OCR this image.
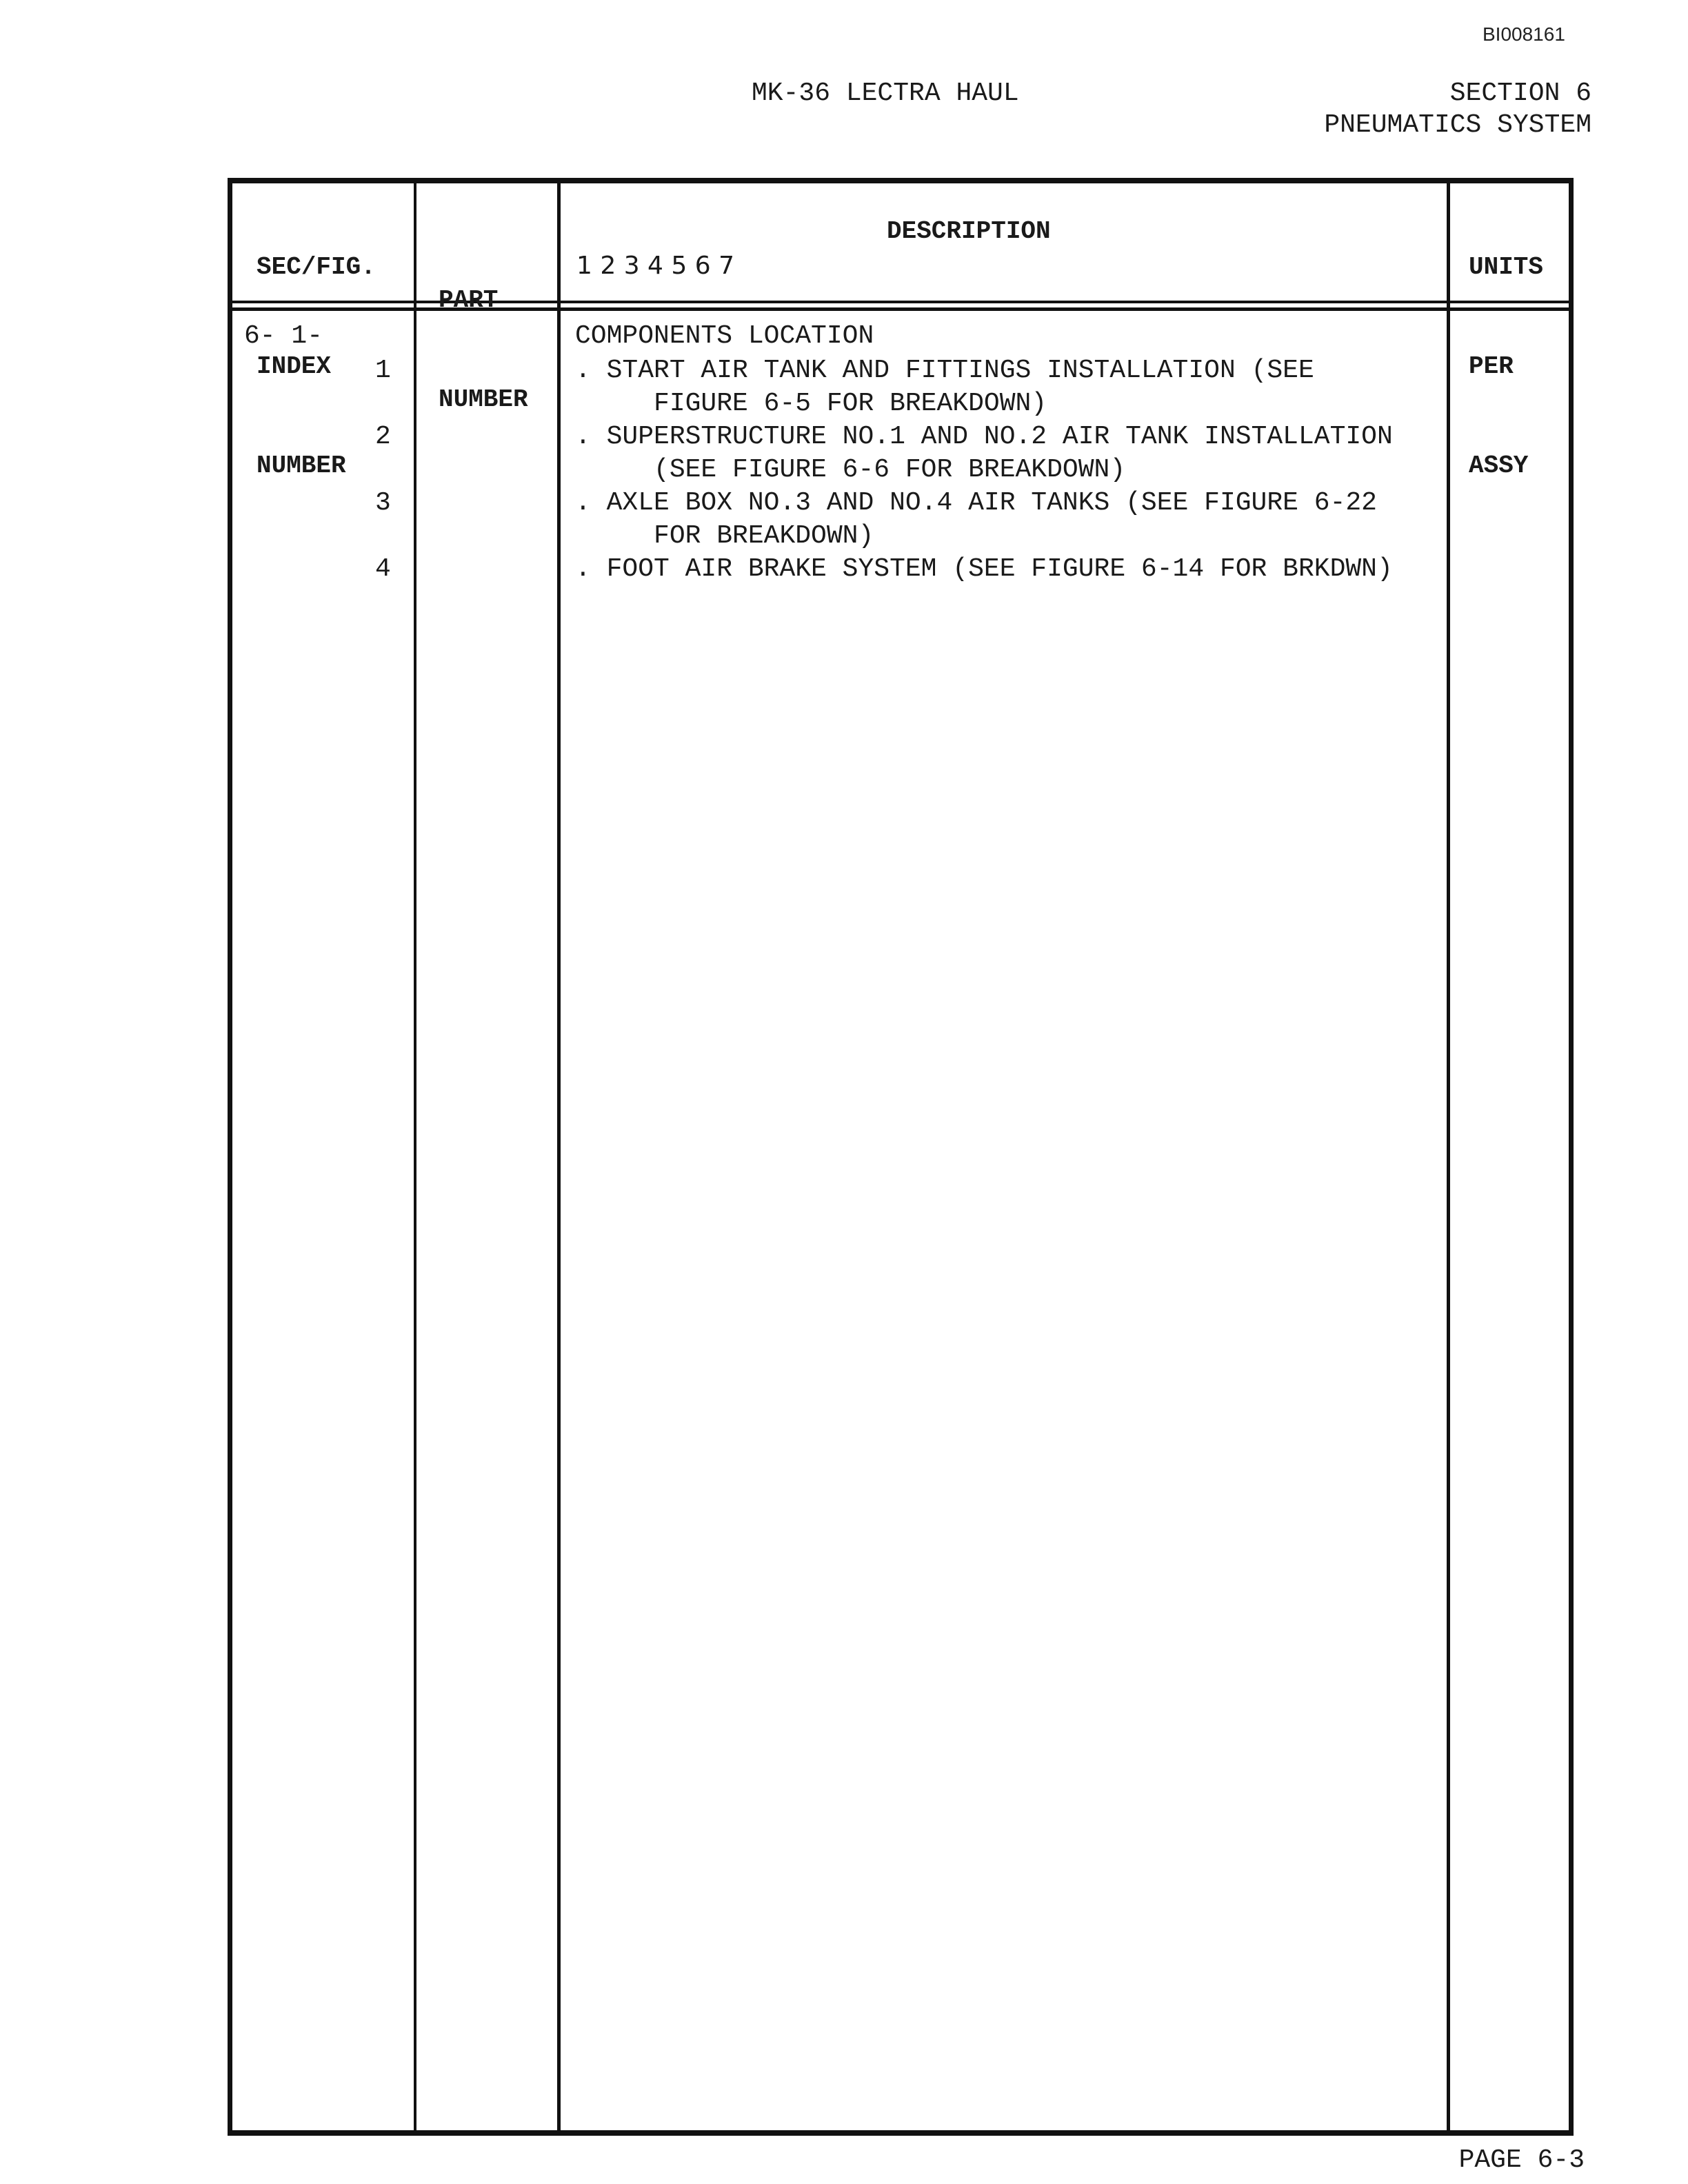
BI008161
MK-36 LECTRA HAUL	SECTION 6
PNEUMATICS SYSTEM

SEC/FIG.

INDEX

NUMBER

PART

NUMBER

DESCRIPTION
1 2 3 4 5 6 7

	UNITS

PER

ASSY

6- 1-
1
2
3
4
COMPONENTS LOCATION
. START AIR TANK AND FITTINGS INSTALLATION (SEE
FIGURE 6-5 FOR BREAKDOWN)
. SUPERSTRUCTURE NO.1 AND NO.2 AIR TANK INSTALLATION
(SEE FIGURE 6-6 FOR BREAKDOWN)
. AXLE BOX NO.3 AND NO.4 AIR TANKS (SEE FIGURE 6-22
FOR BREAKDOWN)
. FOOT AIR BRAKE SYSTEM (SEE FIGURE 6-14 FOR BRKDWN)
PAGE 6-3
